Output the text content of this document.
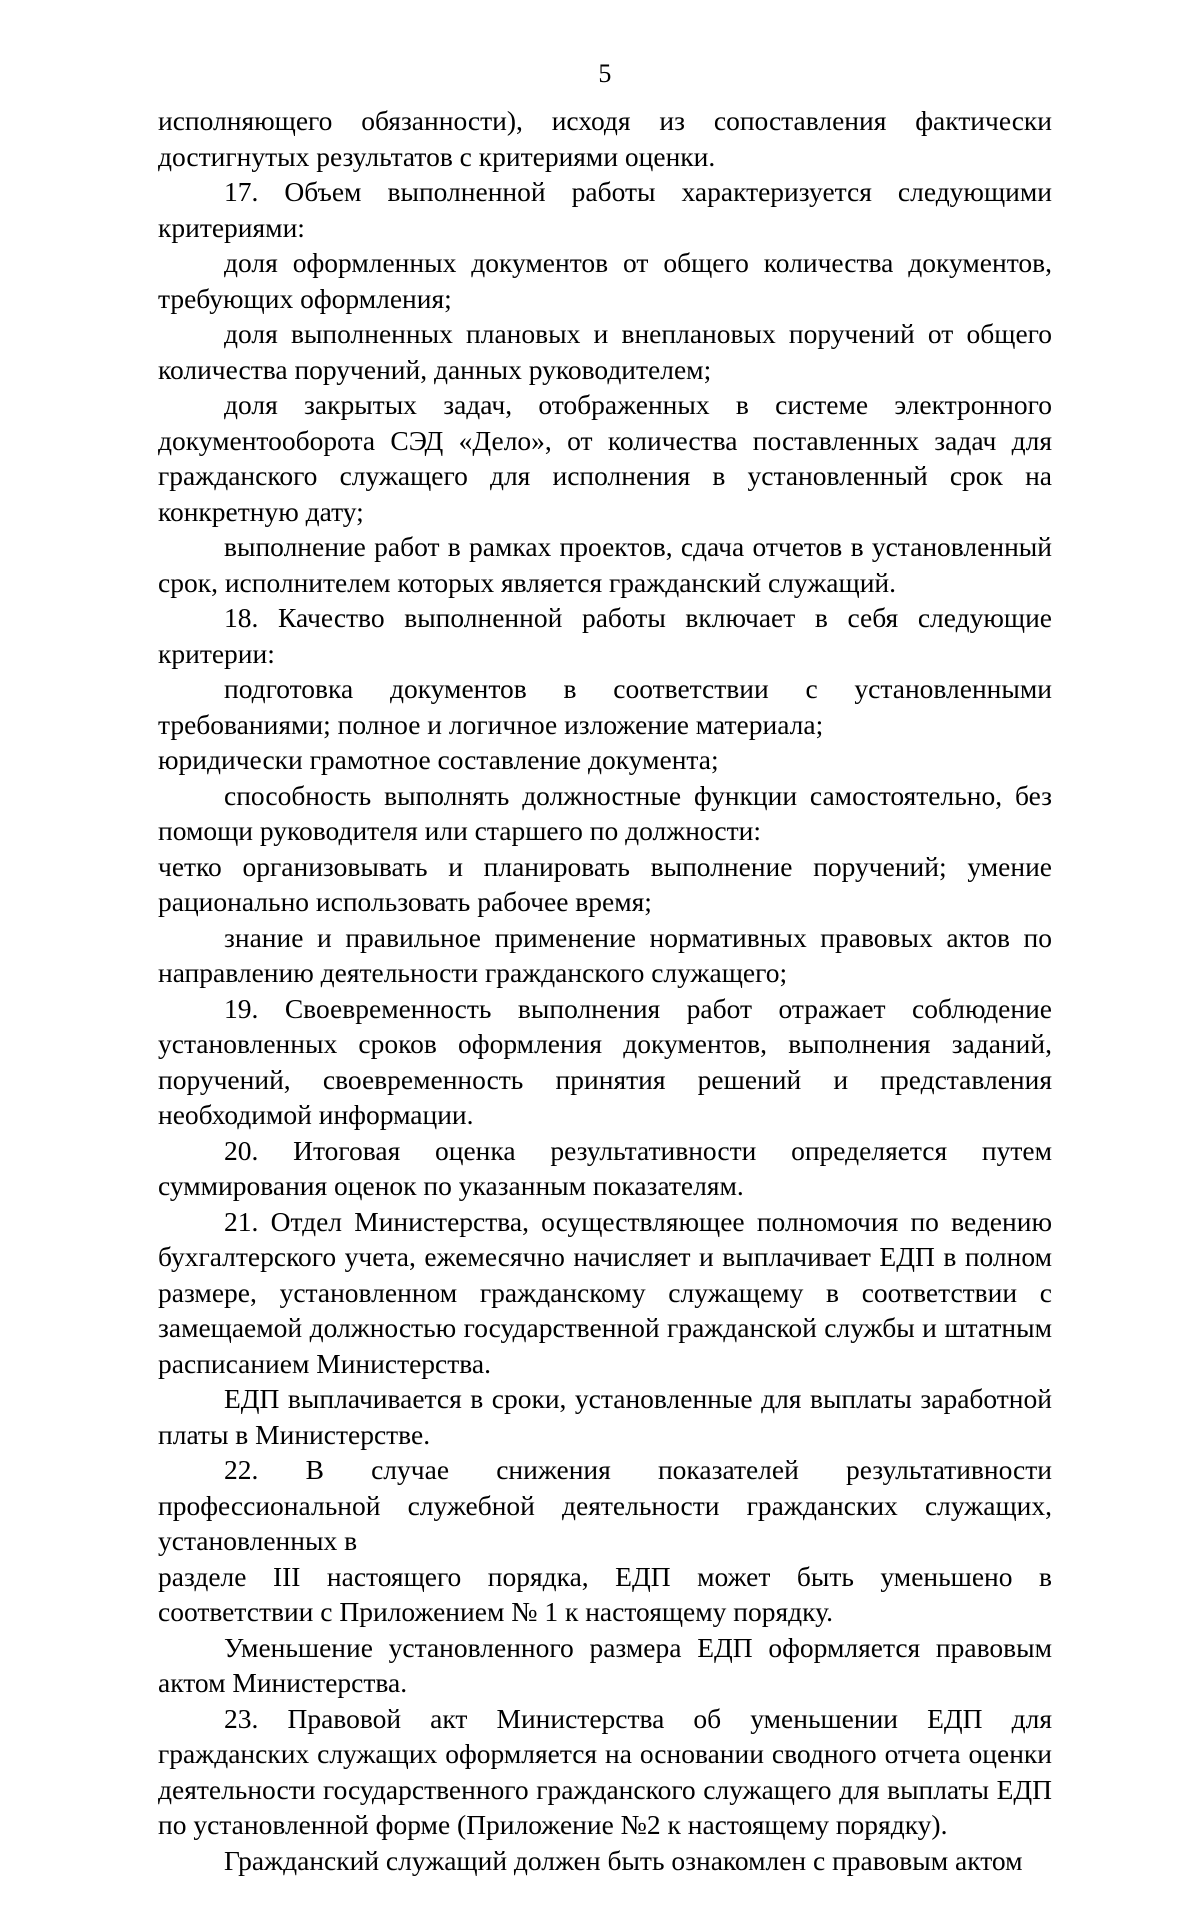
5

исполняющего обязанности), исходя из сопоставления фактически достигнутых результатов с критериями оценки.

17. Объем выполненной работы характеризуется следующими критериями:

доля оформленных документов от общего количества документов, требующих оформления;

доля выполненных плановых и внеплановых поручений от общего количества поручений, данных руководителем;

доля закрытых задач, отображенных в системе электронного документооборота СЭД «Дело», от количества поставленных задач для гражданского служащего для исполнения в установленный срок на конкретную дату;

выполнение работ в рамках проектов, сдача отчетов в установленный срок, исполнителем которых является гражданский служащий.

18. Качество выполненной работы включает в себя следующие критерии:

подготовка документов в соответствии с установленными требованиями; полное и логичное изложение материала;

юридически грамотное составление документа;

способность выполнять должностные функции самостоятельно, без помощи руководителя или старшего по должности:

четко организовывать и планировать выполнение поручений; умение рационально использовать рабочее время;

знание и правильное применение нормативных правовых актов по направлению деятельности гражданского служащего;

19. Своевременность выполнения работ отражает соблюдение установленных сроков оформления документов, выполнения заданий, поручений, своевременность принятия решений и представления необходимой информации.

20. Итоговая оценка результативности определяется путем суммирования оценок по указанным показателям.

21. Отдел Министерства, осуществляющее полномочия по ведению бухгалтерского учета, ежемесячно начисляет и выплачивает ЕДП в полном размере, установленном гражданскому служащему в соответствии с замещаемой должностью государственной гражданской службы и штатным расписанием Министерства.

ЕДП выплачивается в сроки, установленные для выплаты заработной платы в Министерстве.

22. В случае снижения показателей результативности профессиональной служебной деятельности гражданских служащих, установленных в

разделе III настоящего порядка, ЕДП может быть уменьшено в соответствии с Приложением № 1 к настоящему порядку.

Уменьшение установленного размера ЕДП оформляется правовым актом Министерства.

23. Правовой акт Министерства об уменьшении ЕДП для гражданских служащих оформляется на основании сводного отчета оценки деятельности государственного гражданского служащего для выплаты ЕДП по установленной форме (Приложение №2 к настоящему порядку).

Гражданский служащий должен быть ознакомлен с правовым актом
